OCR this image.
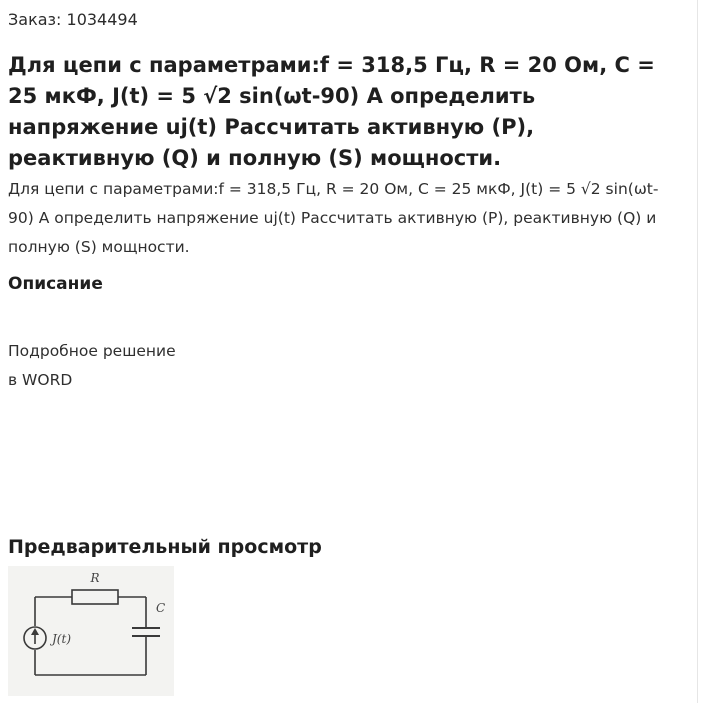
Заказ: 1034494
Для цепи с параметрами:f = 318,5 Гц, R = 20 Ом, C = 25 мкФ, J(t) = 5 √2 sin(ωt-90) А определить напряжение uj(t) Рассчитать активную (P), реактивную (Q) и полную (S) мощности.
Для цепи с параметрами:f = 318,5 Гц, R = 20 Ом, C = 25 мкФ, J(t) = 5 √2 sin(ωt-90) А определить напряжение uj(t) Рассчитать активную (P), реактивную (Q) и полную (S) мощности.
Описание
Подробное решение
в WORD
Предварительный просмотр
R
C
J(t)
